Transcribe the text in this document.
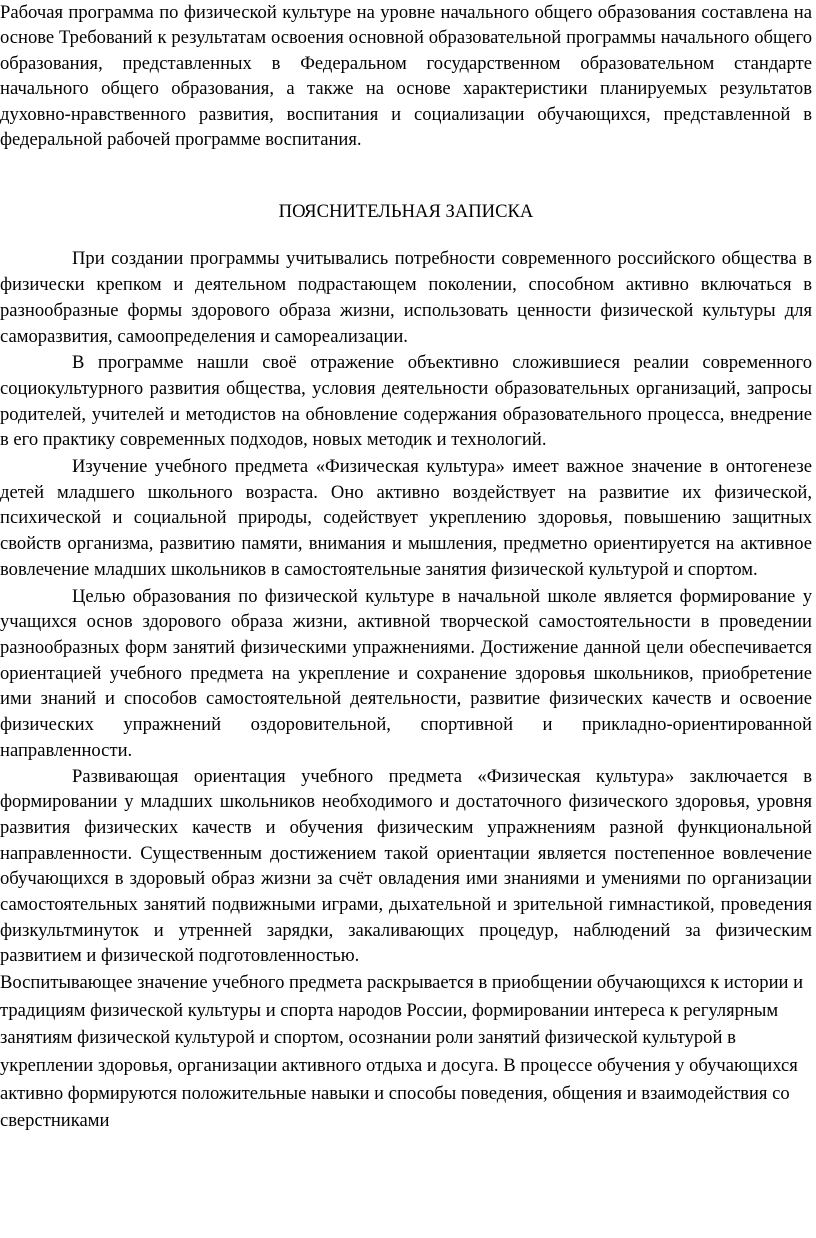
Рабочая программа по физической культуре на уровне начального общего образования составлена на основе Требований к результатам освоения основной образовательной программы начального общего образования, представленных в Федеральном государственном образовательном стандарте начального общего образования, а также на основе характеристики планируемых результатов духовно-нравственного развития, воспитания и социализации обучающихся, представленной в федеральной рабочей программе воспитания.

ПОЯСНИТЕЛЬНАЯ ЗАПИСКА

При создании программы учитывались потребности современного российского общества в физически крепком и деятельном подрастающем поколении, способном активно включаться в разнообразные формы здорового образа жизни, использовать ценности физической культуры для саморазвития, самоопределения и самореализации.

В программе нашли своё отражение объективно сложившиеся реалии современного социокультурного развития общества, условия деятельности образовательных организаций, запросы родителей, учителей и методистов на обновление содержания образовательного процесса, внедрение в его практику современных подходов, новых методик и технологий.

Изучение учебного предмета «Физическая культура» имеет важное значение в онтогенезе детей младшего школьного возраста. Оно активно воздействует на развитие их физической, психической и социальной природы, содействует укреплению здоровья, повышению защитных свойств организма, развитию памяти, внимания и мышления, предметно ориентируется на активное вовлечение младших школьников в самостоятельные занятия физической культурой и спортом.

Целью образования по физической культуре в начальной школе является формирование у учащихся основ здорового образа жизни, активной творческой самостоятельности в проведении разнообразных форм занятий физическими упражнениями. Достижение данной цели обеспечивается ориентацией учебного предмета на укрепление и сохранение здоровья школьников, приобретение ими знаний и способов самостоятельной деятельности, развитие физических качеств и освоение физических упражнений оздоровительной, спортивной и прикладно-ориентированной направленности.

Развивающая ориентация учебного предмета «Физическая культура» заключается в формировании у младших школьников необходимого и достаточного физического здоровья, уровня развития физических качеств и обучения физическим упражнениям разной функциональной направленности. Существенным достижением такой ориентации является постепенное вовлечение обучающихся в здоровый образ жизни за счёт овладения ими знаниями и умениями по организации самостоятельных занятий подвижными играми, дыхательной и зрительной гимнастикой, проведения физкультминуток и утренней зарядки, закаливающих процедур, наблюдений за физическим развитием и физической подготовленностью.

Воспитывающее значение учебного предмета раскрывается в приобщении обучающихся к истории и традициям физической культуры и спорта народов России, формировании интереса к регулярным занятиям физической культурой и спортом, осознании роли занятий физической культурой в укреплении здоровья, организации активного отдыха и досуга. В процессе обучения у обучающихся активно формируются положительные навыки и способы поведения, общения и взаимодействия со сверстниками
